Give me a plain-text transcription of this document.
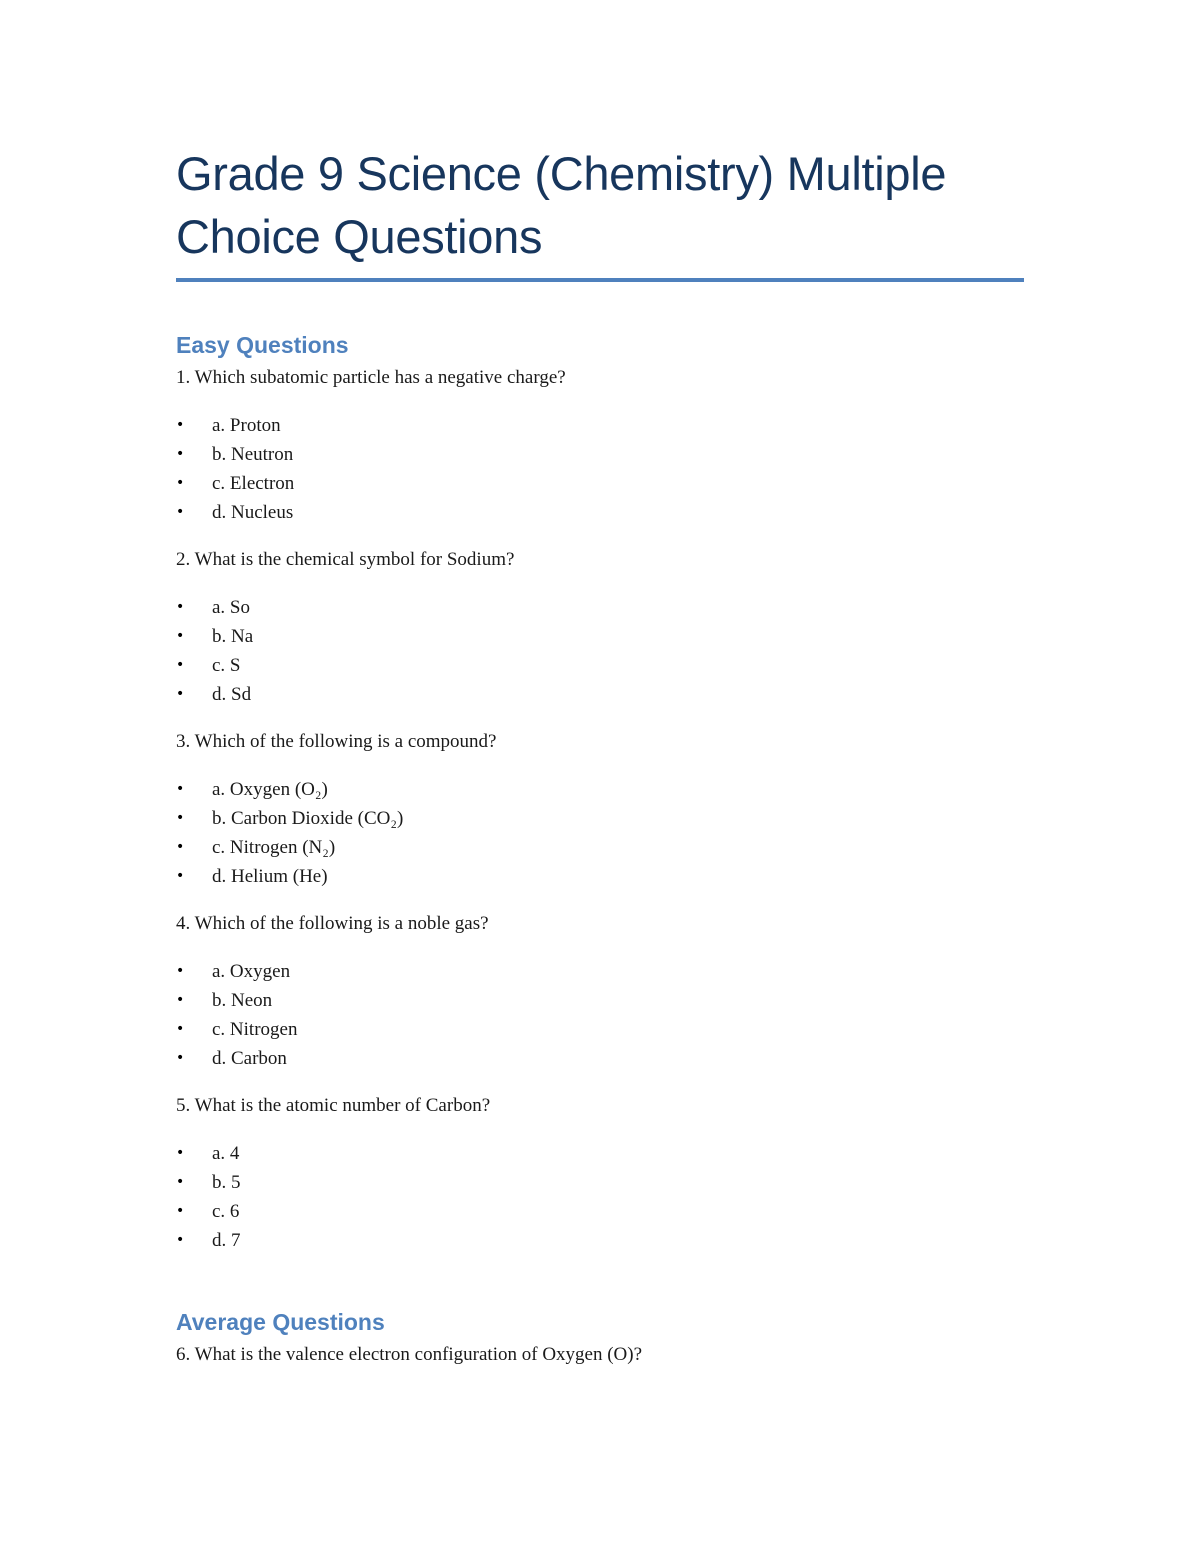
Grade 9 Science (Chemistry) Multiple
Choice Questions
Easy Questions

1. Which subatomic particle has a negative charge?

• a. Proton
• b. Neutron
• c. Electron
• d. Nucleus

2. What is the chemical symbol for Sodium?

• a. So
• b. Na
• c. S
• d. Sd

3. Which of the following is a compound?

• a. Oxygen (O₂)
• b. Carbon Dioxide (CO₂)
• c. Nitrogen (N₂)
• d. Helium (He)

4. Which of the following is a noble gas?

• a. Oxygen
• b. Neon
• c. Nitrogen
• d. Carbon

5. What is the atomic number of Carbon?

• a. 4
• b. 5
• c. 6
• d. 7
Average Questions

6. What is the valence electron configuration of Oxygen (O)?
